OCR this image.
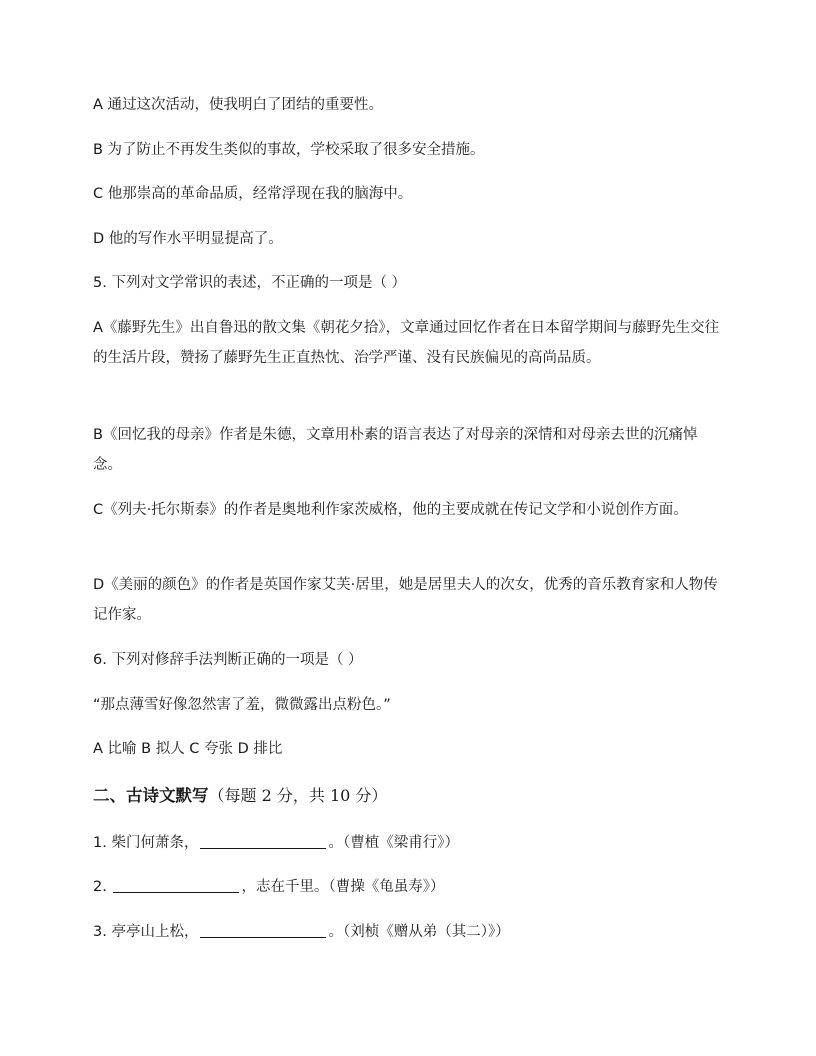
A 通过这次活动，使我明白了团结的重要性。
B 为了防止不再发生类似的事故，学校采取了很多安全措施。
C 他那崇高的革命品质，经常浮现在我的脑海中。
D 他的写作水平明显提高了。
5. 下列对文学常识的表述，不正确的一项是（ ）
A《藤野先生》出自鲁迅的散文集《朝花夕拾》，文章通过回忆作者在日本留学期间与藤野先生交往的生活片段，赞扬了藤野先生正直热忱、治学严谨、没有民族偏见的高尚品质。
B《回忆我的母亲》作者是朱德，文章用朴素的语言表达了对母亲的深情和对母亲去世的沉痛悼念。
C《列夫·托尔斯泰》的作者是奥地利作家茨威格，他的主要成就在传记文学和小说创作方面。
D《美丽的颜色》的作者是英国作家艾芙·居里，她是居里夫人的次女，优秀的音乐教育家和人物传记作家。
6. 下列对修辞手法判断正确的一项是（ ）
“那点薄雪好像忽然害了羞，微微露出点粉色。”
A 比喻 B 拟人 C 夸张 D 排比
二、古诗文默写（每题 2 分，共 10 分）
1. 柴门何萧条，	。（曹植《梁甫行》）
2.	，志在千里。（曹操《龟虽寿》）
3. 亭亭山上松，	。（刘桢《赠从弟（其二）》）
